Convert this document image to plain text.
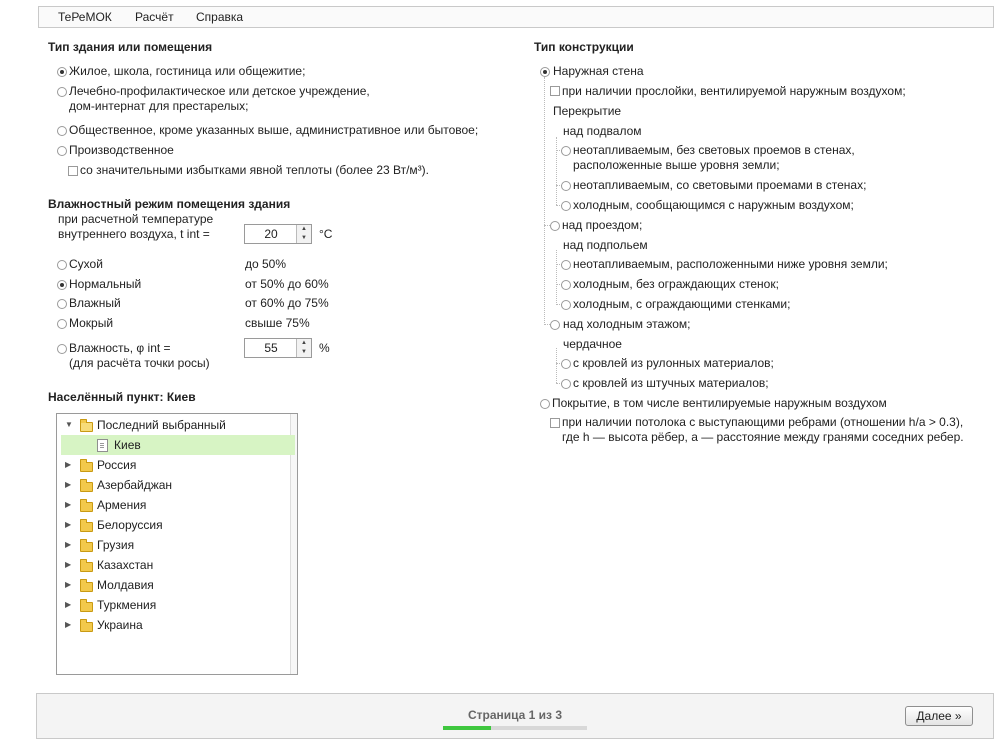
ТеРеМОК Расчёт Справка
Тип здания или помещения
Жилое, школа, гостиница или общежитие;
Лечебно-профилактическое или детское учреждение,
дом-интернат для престарелых;
Общественное, кроме указанных выше, административное или бытовое;
Производственное
со значительными избытками явной теплоты (более 23 Вт/м³).
Влажностный режим помещения здания
при расчетной температуре
внутреннего воздуха, t int =	20	▲
▼	°C
Сухой	до 50%
Нормальный	от 50% до 60%
Влажный	от 60% до 75%
Мокрый	свыше 75%
Влажность, φ int =
(для расчёта точки росы)
55	▲
▼	%
Населённый пункт: Киев
▼ Последний выбранный
Киев
▶ Россия
▶ Азербайджан
▶ Армения
▶ Белоруссия
▶ Грузия
▶ Казахстан
▶ Молдавия
▶ Туркмения
▶ Украина
Тип конструкции
Наружная стена
при наличии прослойки, вентилируемой наружным воздухом;
Перекрытие
над подвалом
неотапливаемым, без световых проемов в стенах,
расположенные выше уровня земли;
неотапливаемым, со световыми проемами в стенах;
холодным, сообщающимся с наружным воздухом;
над проездом;
над подпольем
неотапливаемым, расположенными ниже уровня земли;
холодным, без ограждающих стенок;
холодным, с ограждающими стенками;
над холодным этажом;
чердачное
с кровлей из рулонных материалов;
с кровлей из штучных материалов;
Покрытие, в том числе вентилируемые наружным воздухом
при наличии потолока с выступающими ребрами (отношении h/a > 0.3),
где h — высота рёбер, a — расстояние между гранями соседних ребер.
Страница 1 из 3	Далее »
